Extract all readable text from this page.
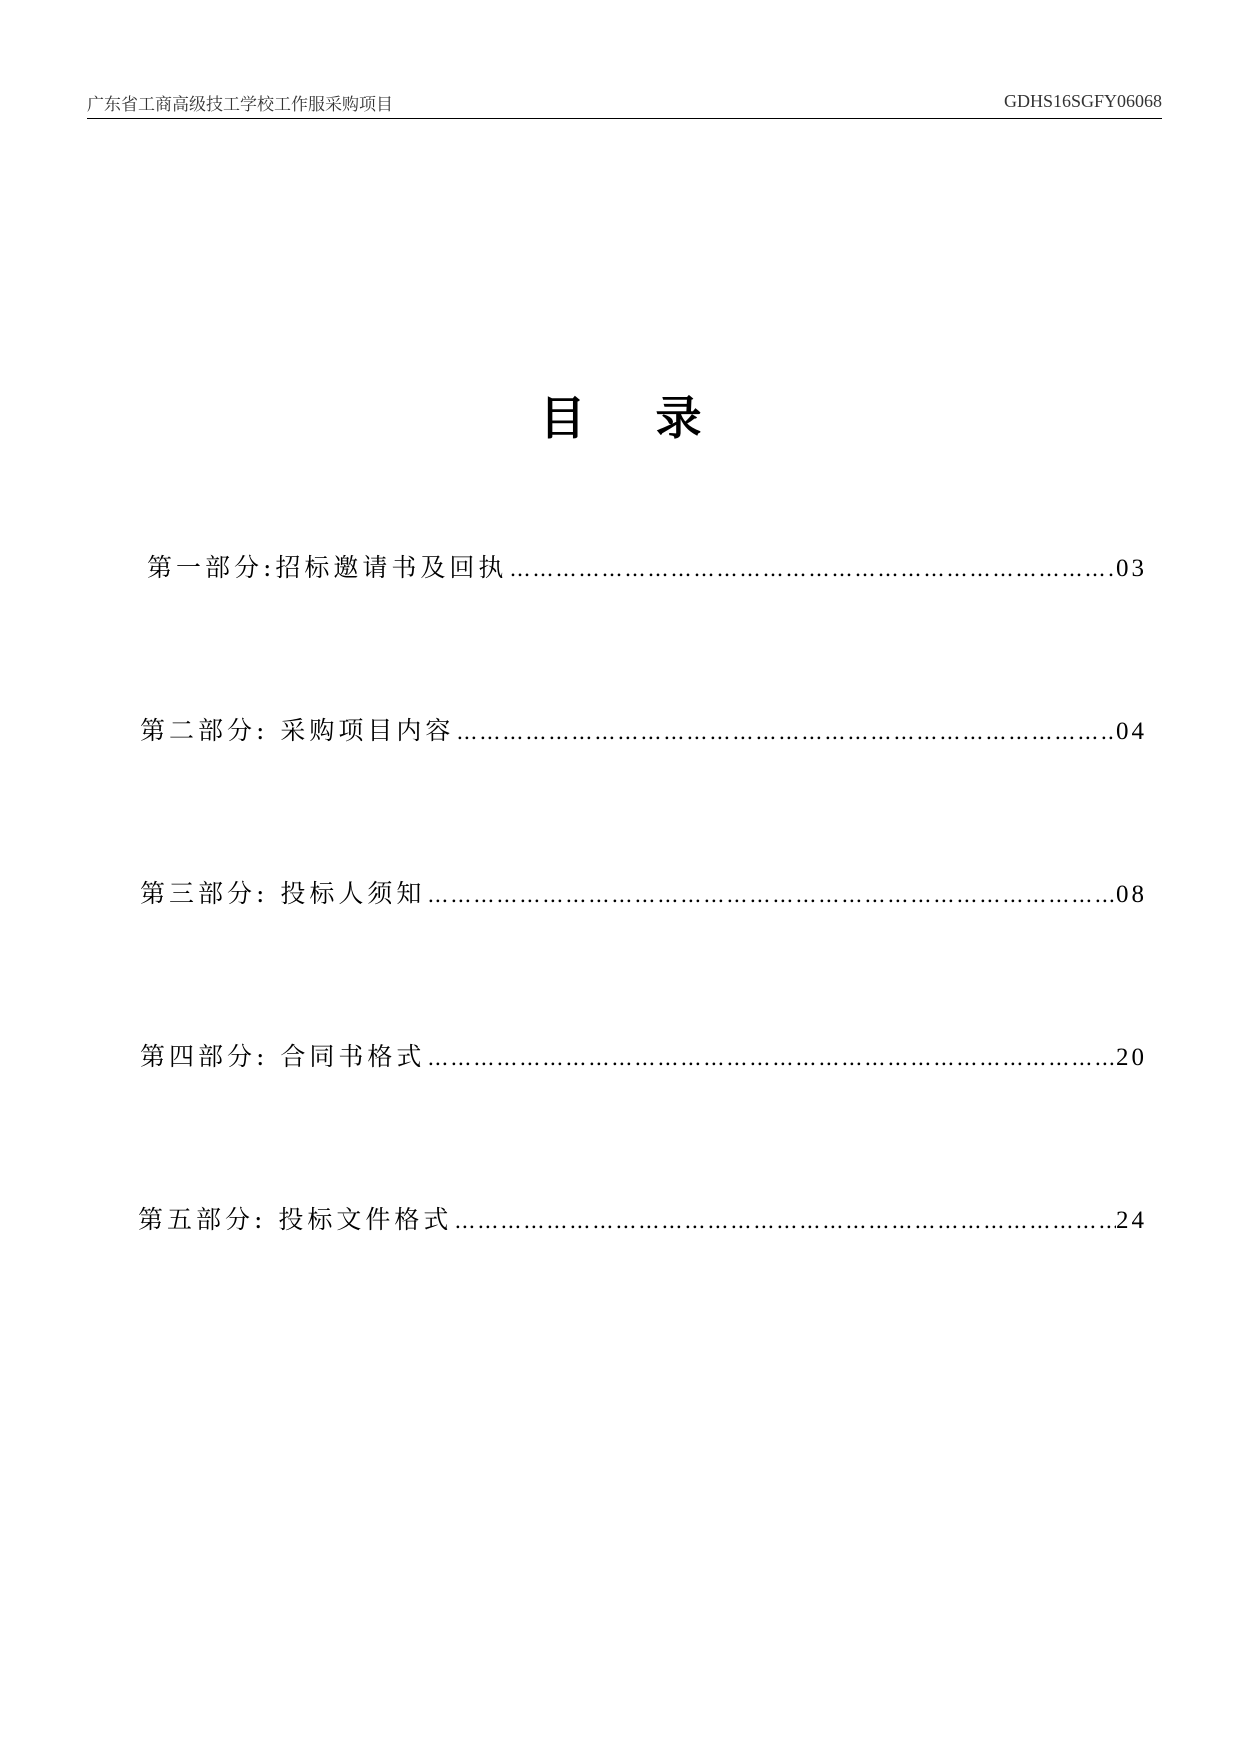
广东省工商高级技工学校工作服采购项目	GDHS16SGFY06068
目录
第一部分:招标邀请书及回执 …………………………………………………………………………………………………………………………………………………………	03
第二部分: 采购项目内容 …………………………………………………………………………………………………………………………………………………………	04
第三部分: 投标人须知 …………………………………………………………………………………………………………………………………………………………	08
第四部分: 合同书格式 …………………………………………………………………………………………………………………………………………………………	20
第五部分: 投标文件格式 …………………………………………………………………………………………………………………………………………………………	24
